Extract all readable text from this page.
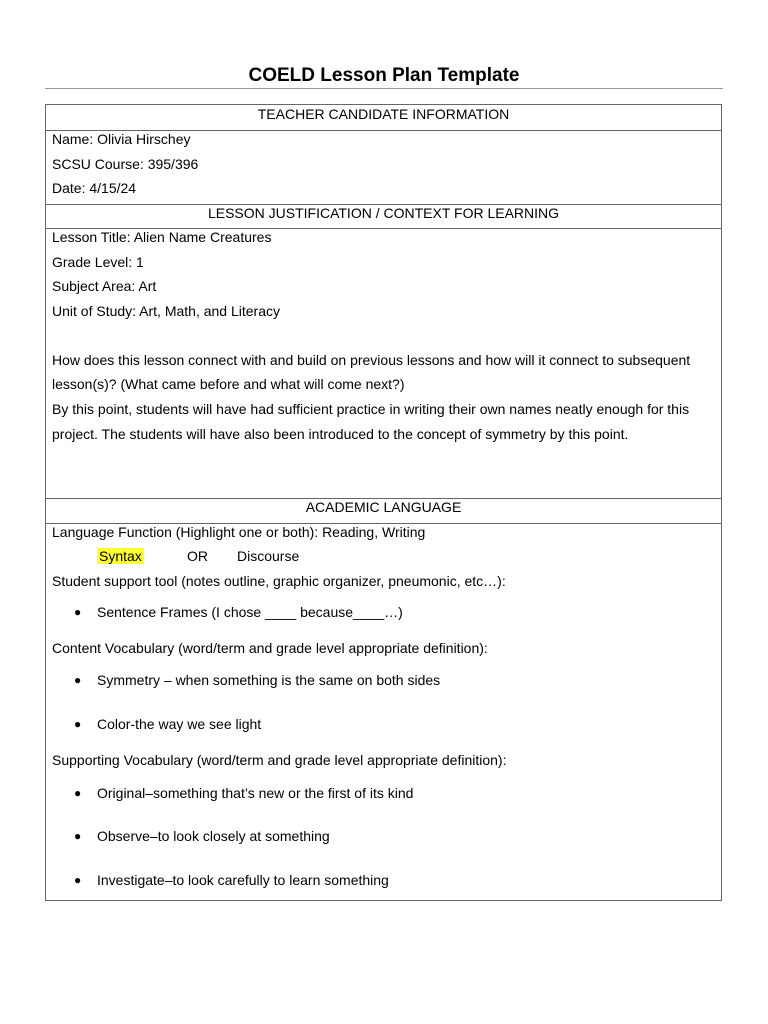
COELD Lesson Plan Template
TEACHER CANDIDATE INFORMATION
Name: Olivia Hirschey
SCSU Course: 395/396
Date: 4/15/24
LESSON JUSTIFICATION / CONTEXT FOR LEARNING
Lesson Title: Alien Name Creatures
Grade Level: 1
Subject Area: Art
Unit of Study: Art, Math, and Literacy
How does this lesson connect with and build on previous lessons and how will it connect to subsequent
lesson(s)? (What came before and what will come next?)
By this point, students will have had sufficient practice in writing their own names neatly enough for this
project. The students will have also been introduced to the concept of symmetry by this point.
ACADEMIC LANGUAGE
Language Function (Highlight one or both): Reading, Writing
Syntax	OR Discourse
Student support tool (notes outline, graphic organizer, pneumonic, etc…):
● Sentence Frames (I chose ____ because____…)
Content Vocabulary (word/term and grade level appropriate definition):
● Symmetry – when something is the same on both sides
● Color-the way we see light
Supporting Vocabulary (word/term and grade level appropriate definition):
● Original–something that’s new or the first of its kind
● Observe–to look closely at something
● Investigate–to look carefully to learn something
